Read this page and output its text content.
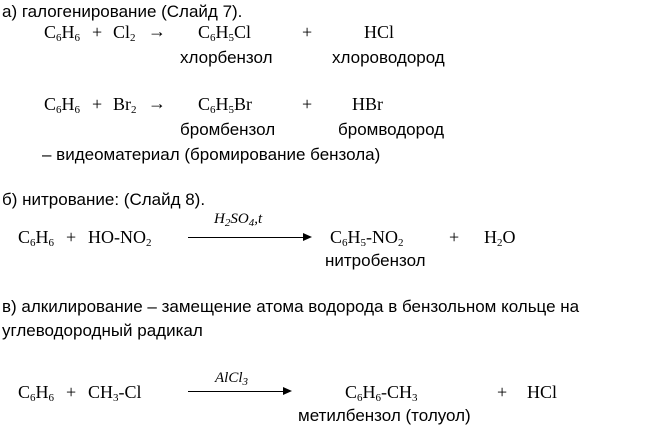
а) галогенирование (Слайд 7).
$C_6H_6 + Cl_2 \to C_6H_5Cl$	+	HCl
хлорбензол	хлороводород
$C_6H_6 + Br_2 \to C_6H_5Br$	+ HBr
бромбензол	бромводород
– видеоматериал (бромирование бензола)
б) нитрование: (Слайд 8).
$H_2SO_4,t$
$C_6H_6 + HO-NO_2$	$C_6H_5-NO_2$	+ $H_2O$
нитробензол
в) алкилирование – замещение атома водорода в бензольном кольце на
углеводородный радикал
AlCl$_3$
$C_6H_6 + CH_3-Cl$	$C_6H_6-CH_3$	+ HCl
метилбензол (толуол)
